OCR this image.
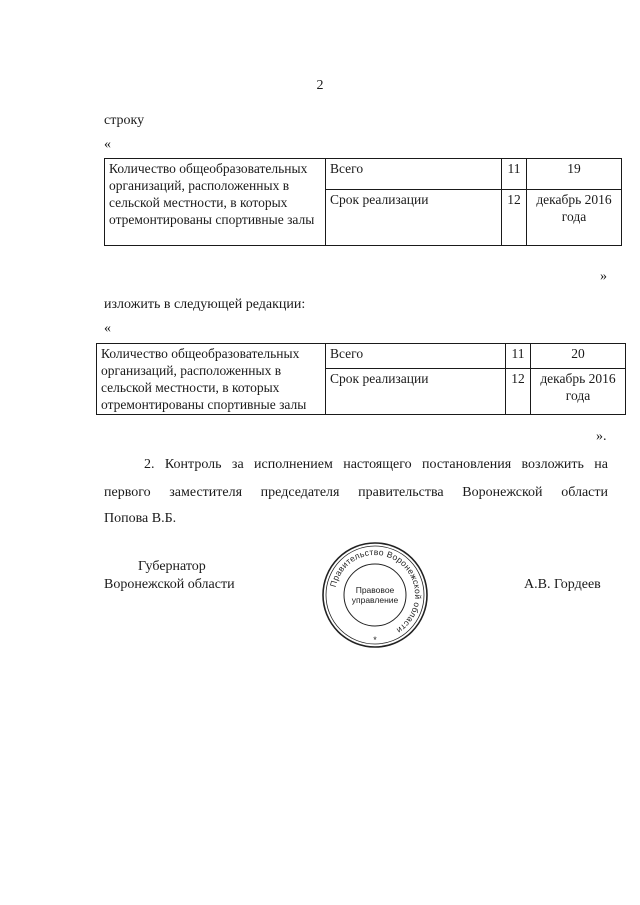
2
строку
«
Количество общеобразовательных организаций, расположенных в сельской местности, в которых отремонтированы спортивные залы	Всего	11	19
	Срок реализации	12	декабрь 2016 года
»
изложить в следующей редакции:
«
Количество общеобразовательных организаций, расположенных в сельской местности, в которых отремонтированы спортивные залы	Всего	11	20
	Срок реализации	12	декабрь 2016 года
».
2. Контроль за исполнением настоящего постановления возложить на
первого заместителя председателя правительства Воронежской области
Попова В.Б.
Губернатор
Воронежской области	А.В. Гордеев
Правительство Воронежской области
Правовое
управление
*
